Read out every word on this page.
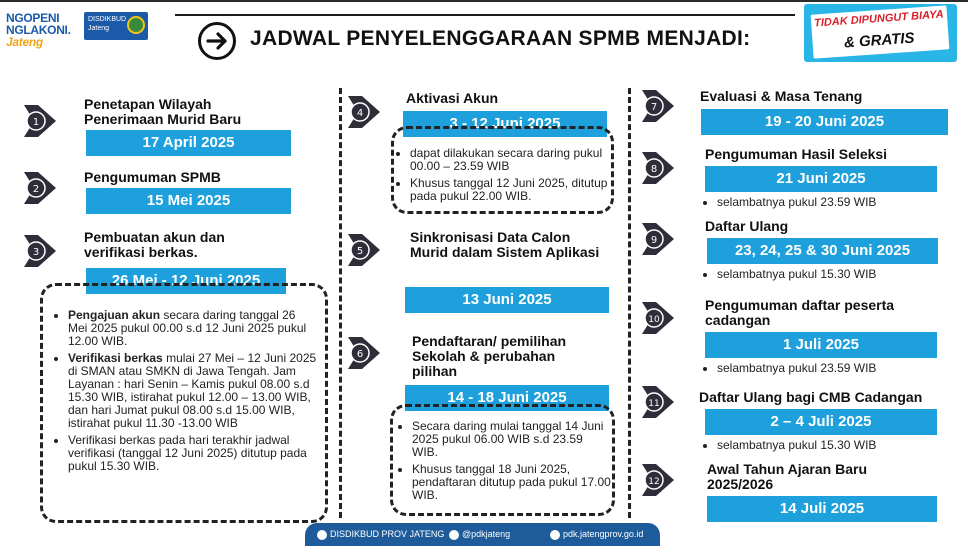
NGOPENI
NGLAKONI.
Jateng
DISDIKBUD
Jateng	JADWAL PENYELENGGARAAN SPMB MENJADI:
TIDAK DIPUNGUT BIAYA
& GRATIS
1
Penetapan Wilayah Penerimaan Murid Baru
17 April 2025
2
Pengumuman SPMB
15 Mei 2025
3
Pembuatan akun dan verifikasi berkas.
26 Mei - 12 Juni 2025
• Pengajuan akun secara daring tanggal 26 Mei 2025 pukul 00.00 s.d 12 Juni 2025 pukul 12.00 WIB.
• Verifikasi berkas mulai 27 Mei – 12 Juni 2025 di SMAN atau SMKN di Jawa Tengah. Jam Layanan : hari Senin – Kamis pukul 08.00 s.d 15.30 WIB, istirahat pukul 12.00 – 13.00 WIB, dan hari Jumat pukul 08.00 s.d 15.00 WIB, istirahat pukul 11.30 -13.00 WIB
• Verifikasi berkas pada hari terakhir jadwal verifikasi (tanggal 12 Juni 2025) ditutup pada pukul 15.30 WIB.
4
Aktivasi Akun
3 - 12 Juni 2025
• dapat dilakukan secara daring pukul 00.00 – 23.59 WIB
• Khusus tanggal 12 Juni 2025, ditutup pada pukul 22.00 WIB.
5
Sinkronisasi Data Calon Murid dalam Sistem Aplikasi
13 Juni 2025
6
Pendaftaran/ pemilihan Sekolah & perubahan pilihan
14 - 18 Juni 2025
• Secara daring mulai tanggal 14 Juni 2025 pukul 06.00 WIB s.d 23.59 WIB.
• Khusus tanggal 18 Juni 2025, pendaftaran ditutup pada pukul 17.00 WIB.
7
Evaluasi & Masa Tenang
19 - 20 Juni 2025
8
Pengumuman Hasil Seleksi
21 Juni 2025
• selambatnya pukul 23.59 WIB
9
Daftar Ulang
23, 24, 25 & 30 Juni 2025
• selambatnya pukul 15.30 WIB
10
Pengumuman daftar peserta cadangan
1 Juli 2025
• selambatnya pukul 23.59 WIB
11	Daftar Ulang bagi CMB Cadangan
2 – 4 Juli 2025
• selambatnya pukul 15.30 WIB
12
Awal Tahun Ajaran Baru 2025/2026
14 Juli 2025
DISDIKBUD PROV JATENG	@pdkjateng	pdk.jatengprov.go.id
